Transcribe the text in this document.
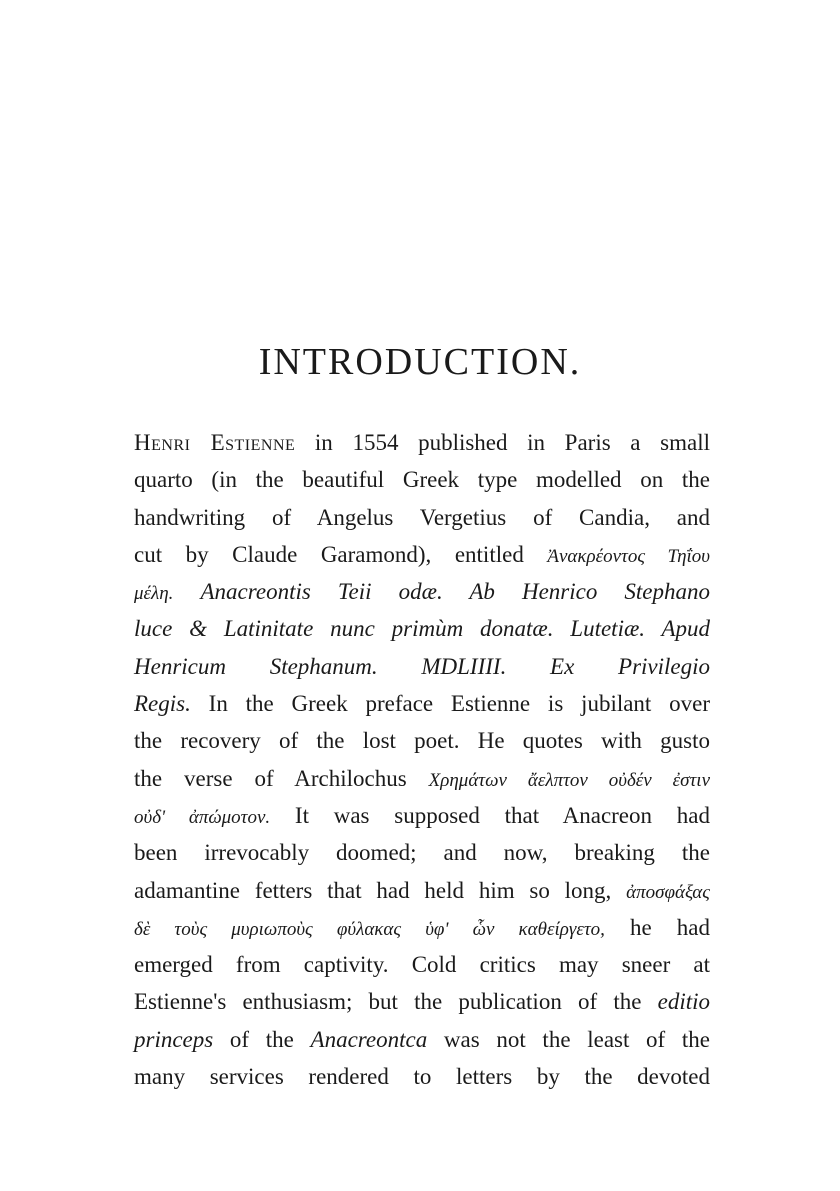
INTRODUCTION.
Henri Estienne in 1554 published in Paris a small
quarto (in the beautiful Greek type modelled on the
handwriting of Angelus Vergetius of Candia, and
cut by Claude Garamond), entitled Ἀνακρέοντος Τηΐου
μέλη. Anacreontis Teii odæ. Ab Henrico Stephano
luce & Latinitate nunc primùm donatæ. Lutetiæ. Apud
Henricum Stephanum. MDLIIII. Ex Privilegio
Regis. In the Greek preface Estienne is jubilant over
the recovery of the lost poet. He quotes with gusto
the verse of Archilochus Χρημάτων ἄελπτον οὐδέν ἐστιν
οὐδ' ἀπώμοτον. It was supposed that Anacreon had
been irrevocably doomed; and now, breaking the
adamantine fetters that had held him so long, ἀποσφάξας
δὲ τοὺς μυριωποὺς φύλακας ὑφ' ὧν καθείργετο, he had
emerged from captivity. Cold critics may sneer at
Estienne's enthusiasm; but the publication of the editio
princeps of the Anacreontca was not the least of the
many services rendered to letters by the devoted
